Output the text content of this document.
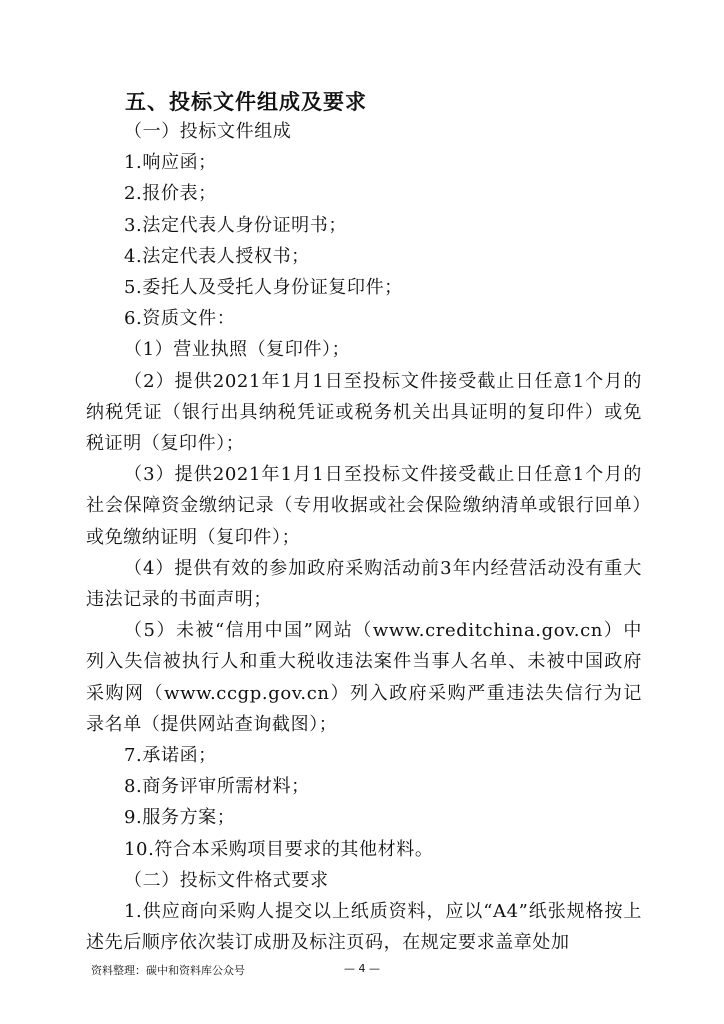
五、投标文件组成及要求

（一）投标文件组成

1.响应函；

2.报价表；

3.法定代表人身份证明书；

4.法定代表人授权书；

5.委托人及受托人身份证复印件；

6.资质文件：

（1）营业执照（复印件）；

（2）提供2021年1月1日至投标文件接受截止日任意1个月的纳税凭证（银行出具纳税凭证或税务机关出具证明的复印件）或免税证明（复印件）；

（3）提供2021年1月1日至投标文件接受截止日任意1个月的社会保障资金缴纳记录（专用收据或社会保险缴纳清单或银行回单）或免缴纳证明（复印件）；

（4）提供有效的参加政府采购活动前3年内经营活动没有重大违法记录的书面声明；

（5）未被“信用中国”网站（www.creditchina.gov.cn）中列入失信被执行人和重大税收违法案件当事人名单、未被中国政府采购网（www.ccgp.gov.cn）列入政府采购严重违法失信行为记录名单（提供网站查询截图）；

7.承诺函；

8.商务评审所需材料；

9.服务方案；

10.符合本采购项目要求的其他材料。

（二）投标文件格式要求

1.供应商向采购人提交以上纸质资料，应以“A4”纸张规格按上述先后顺序依次装订成册及标注页码，在规定要求盖章处加

资料整理：碳中和资料库公众号	— 4 —
